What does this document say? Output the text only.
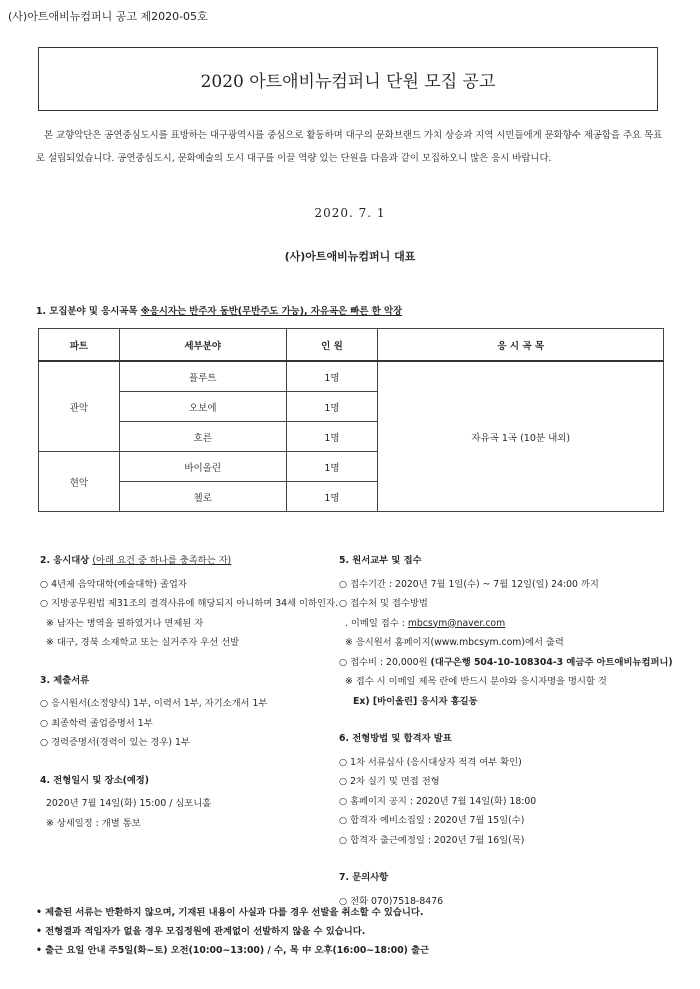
(사)아트애비뉴컴퍼니 공고 제2020-05호
2020 아트애비뉴컴퍼니 단원 모집 공고
본 교향악단은 공연중심도시를 표방하는 대구광역시를 중심으로 활동하며 대구의 문화브랜드 가치 상승과 지역 시민들에게 문화향수 제공함을 주요 목표로 설립되었습니다. 공연중심도시, 문화예술의 도시 대구를 이끌 역량 있는 단원을 다음과 같이 모집하오니 많은 응시 바랍니다.
2020. 7. 1
(사)아트애비뉴컴퍼니 대표
1. 모집분야 및 응시곡목 ※응시자는 반주자 동반(무반주도 가능), 자유곡은 빠른 한 악장
파트	세부분야	인 원	응 시 곡 목
관악	플루트	1명	자유곡 1곡 (10분 내외)
	오보에	1명	
	호른	1명	
현악	바이올린	1명	
	첼로	1명	
2. 응시대상 (아래 요건 중 하나를 충족하는 자)
○ 4년제 음악대학(예술대학) 졸업자
○ 지방공무원법 제31조의 결격사유에 해당되지 아니하며 34세 이하인자.
※ 남자는 병역을 필하였거나 면제된 자
※ 대구, 경북 소재학교 또는 실거주자 우선 선발
3. 제출서류
○ 응시원서(소정양식) 1부, 이력서 1부, 자기소개서 1부
○ 최종학력 졸업증명서 1부
○ 경력증명서(경력이 있는 경우) 1부
4. 전형일시 및 장소(예정)
2020년 7월 14일(화) 15:00 / 심포니홀
※ 상세일정 : 개별 통보
5. 원서교부 및 접수
○ 접수기간 : 2020년 7월 1일(수) ~ 7월 12일(일) 24:00 까지
○ 접수처 및 접수방법
. 이메일 접수 : mbcsym@naver.com
※ 응시원서 홈페이지(www.mbcsym.com)에서 출력
○ 접수비 : 20,000원 (대구은행 504-10-108304-3 예금주 아트애비뉴컴퍼니)
※ 접수 시 이메일 제목 란에 반드시 분야와 응시자명을 명시할 것
Ex) [바이올린] 응시자 홍길동
6. 전형방법 및 합격자 발표
○ 1차 서류심사 (응시대상자 적격 여부 확인)
○ 2차 실기 및 면접 전형
○ 홈페이지 공지 : 2020년 7월 14일(화) 18:00
○ 합격자 예비소집일 : 2020년 7월 15일(수)
○ 합격자 출근예정일 : 2020년 7월 16일(목)
7. 문의사항
○ 전화 070)7518-8476
• 제출된 서류는 반환하지 않으며, 기재된 내용이 사실과 다를 경우 선발을 취소할 수 있습니다.
• 전형결과 적임자가 없을 경우 모집정원에 관계없이 선발하지 않을 수 있습니다.
• 출근 요일 안내 주5일(화~토) 오전(10:00~13:00) / 수, 목 中 오후(16:00~18:00) 출근
